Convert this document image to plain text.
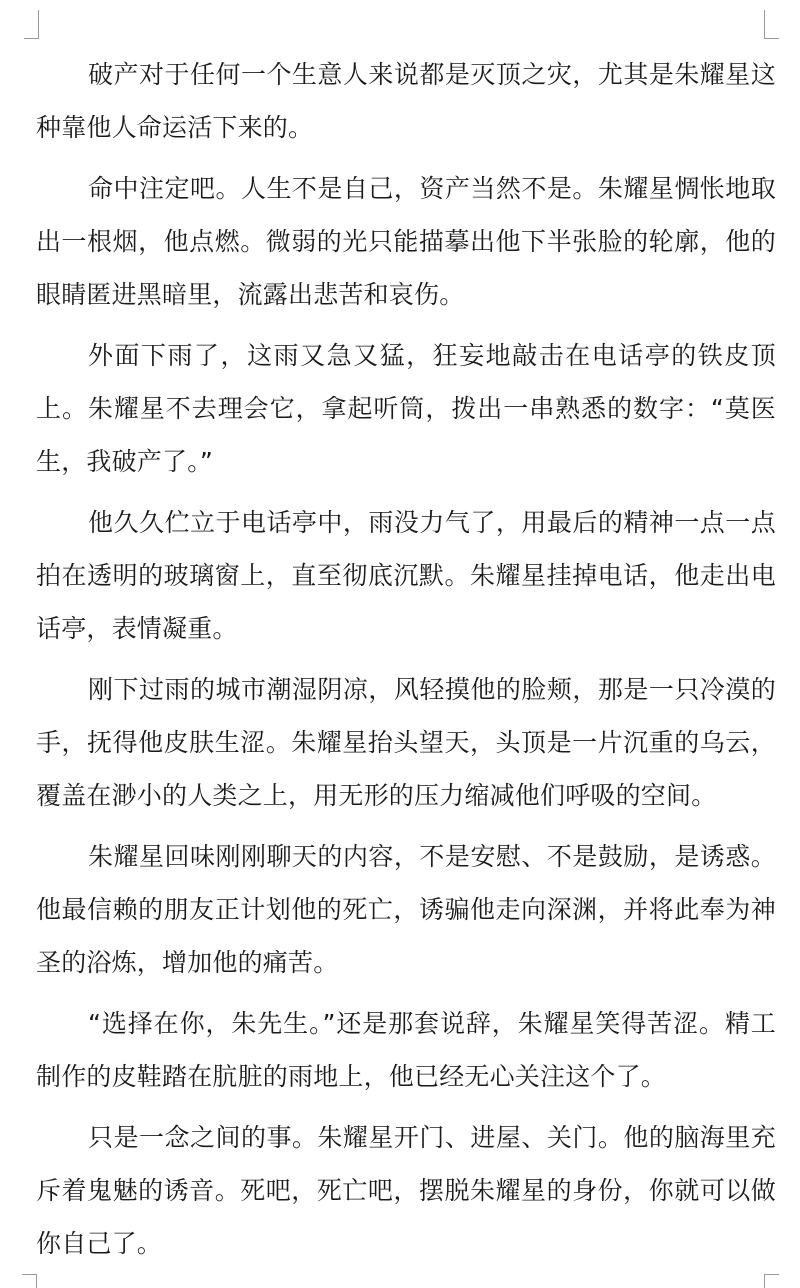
破产对于任何一个生意人来说都是灭顶之灾，尤其是朱耀星这种靠他人命运活下来的。

命中注定吧。人生不是自己，资产当然不是。朱耀星惆怅地取出一根烟，他点燃。微弱的光只能描摹出他下半张脸的轮廓，他的眼睛匿进黑暗里，流露出悲苦和哀伤。

外面下雨了，这雨又急又猛，狂妄地敲击在电话亭的铁皮顶上。朱耀星不去理会它，拿起听筒，拨出一串熟悉的数字：“莫医生，我破产了。”

他久久伫立于电话亭中，雨没力气了，用最后的精神一点一点拍在透明的玻璃窗上，直至彻底沉默。朱耀星挂掉电话，他走出电话亭，表情凝重。

刚下过雨的城市潮湿阴凉，风轻摸他的脸颊，那是一只冷漠的手，抚得他皮肤生涩。朱耀星抬头望天，头顶是一片沉重的乌云，覆盖在渺小的人类之上，用无形的压力缩减他们呼吸的空间。

朱耀星回味刚刚聊天的内容，不是安慰、不是鼓励，是诱惑。他最信赖的朋友正计划他的死亡，诱骗他走向深渊，并将此奉为神圣的浴炼，增加他的痛苦。

“选择在你，朱先生。”还是那套说辞，朱耀星笑得苦涩。精工制作的皮鞋踏在肮脏的雨地上，他已经无心关注这个了。

只是一念之间的事。朱耀星开门、进屋、关门。他的脑海里充斥着鬼魅的诱音。死吧，死亡吧，摆脱朱耀星的身份，你就可以做你自己了。
